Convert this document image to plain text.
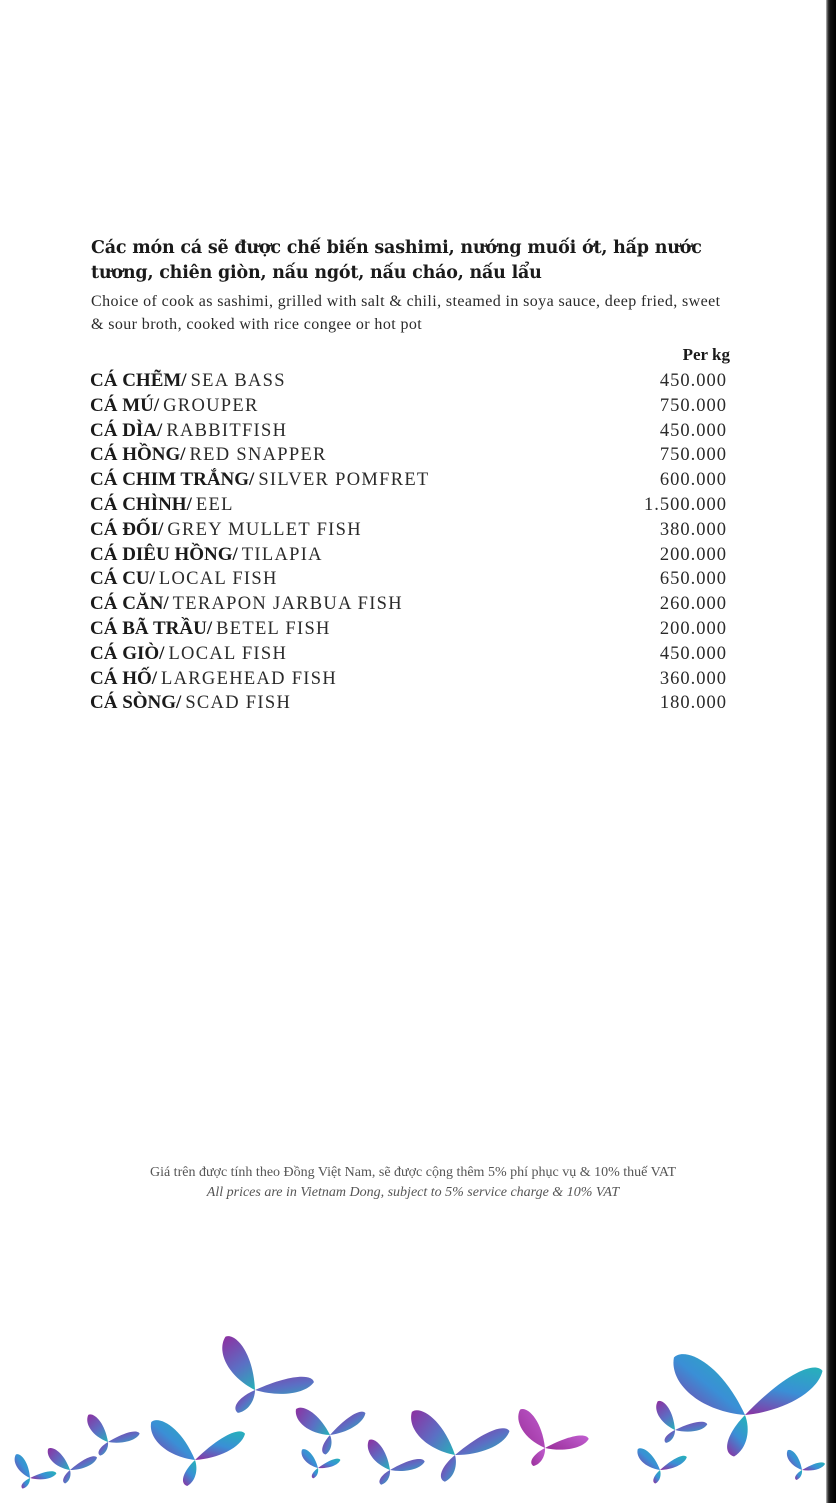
Các món cá sẽ được chế biến sashimi, nướng muối ớt, hấp nước tương, chiên giòn, nấu ngót, nấu cháo, nấu lẩu

Choice of cook as sashimi, grilled with salt & chili, steamed in soya sauce, deep fried, sweet & sour broth, cooked with rice congee or hot pot

Per kg
CÁ CHẼM/ SEA BASS	450.000
CÁ MÚ/ GROUPER	750.000
CÁ DÌA/ RABBITFISH	450.000
CÁ HỒNG/ RED SNAPPER	750.000
CÁ CHIM TRẮNG/ SILVER POMFRET	600.000
CÁ CHÌNH/ EEL	1.500.000
CÁ ĐỐI/ GREY MULLET FISH	380.000
CÁ DIÊU HỒNG/ TILAPIA	200.000
CÁ CU/ LOCAL FISH	650.000
CÁ CĂN/ TERAPON JARBUA FISH	260.000
CÁ BÃ TRẦU/ BETEL FISH	200.000
CÁ GIÒ/ LOCAL FISH	450.000
CÁ HỐ/ LARGEHEAD FISH	360.000
CÁ SÒNG/ SCAD FISH	180.000

Giá trên được tính theo Đồng Việt Nam, sẽ được cộng thêm 5% phí phục vụ & 10% thuế VAT

All prices are in Vietnam Dong, subject to 5% service charge & 10% VAT
